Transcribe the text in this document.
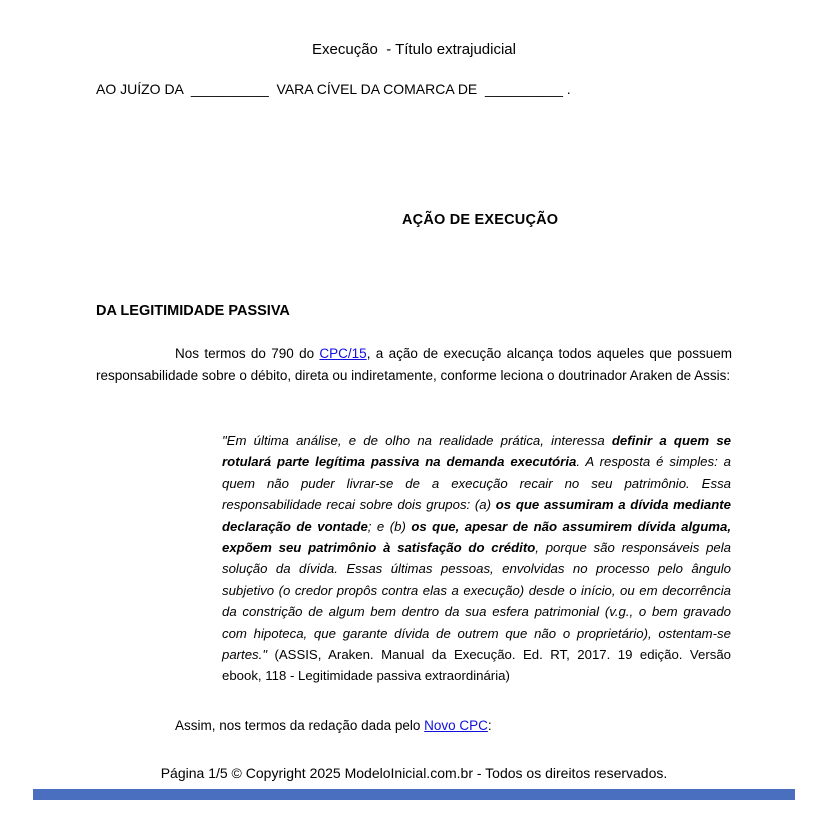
Execução  - Título extrajudicial
AO JUÍZO DA  __________  VARA CÍVEL DA COMARCA DE  __________ .
AÇÃO DE EXECUÇÃO
DA LEGITIMIDADE PASSIVA

Nos termos do 790 do CPC/15, a ação de execução alcança todos aqueles que possuem responsabilidade sobre o débito, direta ou indiretamente, conforme leciona o doutrinador Araken de Assis:

"Em última análise, e de olho na realidade prática, interessa definir a quem se rotulará parte legítima passiva na demanda executória. A resposta é simples: a quem não puder livrar-se de a execução recair no seu patrimônio. Essa responsabilidade recai sobre dois grupos: (a) os que assumiram a dívida mediante declaração de vontade; e (b) os que, apesar de não assumirem dívida alguma, expõem seu patrimônio à satisfação do crédito, porque são responsáveis pela solução da dívida. Essas últimas pessoas, envolvidas no processo pelo ângulo subjetivo (o credor propôs contra elas a execução) desde o início, ou em decorrência da constrição de algum bem dentro da sua esfera patrimonial (v.g., o bem gravado com hipoteca, que garante dívida de outrem que não o proprietário), ostentam-se partes." (ASSIS, Araken. Manual da Execução. Ed. RT, 2017. 19 edição. Versão ebook, 118 - Legitimidade passiva extraordinária)

Assim, nos termos da redação dada pelo Novo CPC:

Página 1/5 © Copyright 2025 ModeloInicial.com.br - Todos os direitos reservados.
